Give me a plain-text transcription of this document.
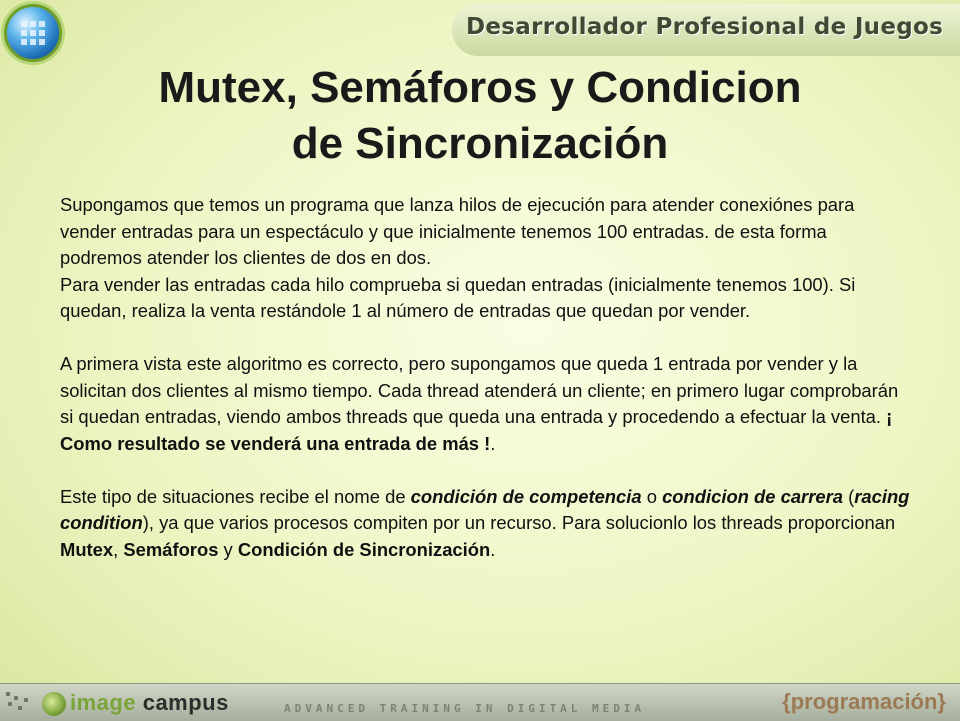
Desarrollador Profesional de Juegos
Mutex, Semáforos y Condicion
de Sincronización

Supongamos que temos un programa que lanza hilos de ejecución para atender conexiónes para vender entradas para un espectáculo y que inicialmente tenemos 100 entradas. de esta forma podremos atender los clientes de dos en dos.

Para vender las entradas cada hilo comprueba si quedan entradas (inicialmente tenemos 100). Si quedan, realiza la venta restándole 1 al número de entradas que quedan por vender.

A primera vista este algoritmo es correcto, pero supongamos que queda 1 entrada por vender y la solicitan dos clientes al mismo tiempo. Cada thread atenderá un cliente; en primero lugar comprobarán si quedan entradas, viendo ambos threads que queda una entrada y procedendo a efectuar la venta. ¡ Como resultado se venderá una entrada de más !.

Este tipo de situaciones recibe el nome de condición de competencia o condicion de carrera (racing condition), ya que varios procesos compiten por un recurso. Para solucionlo los threads proporcionan Mutex, Semáforos y Condición de Sincronización.

image campus	ADVANCED TRAINING IN DIGITAL MEDIA	{programación}
